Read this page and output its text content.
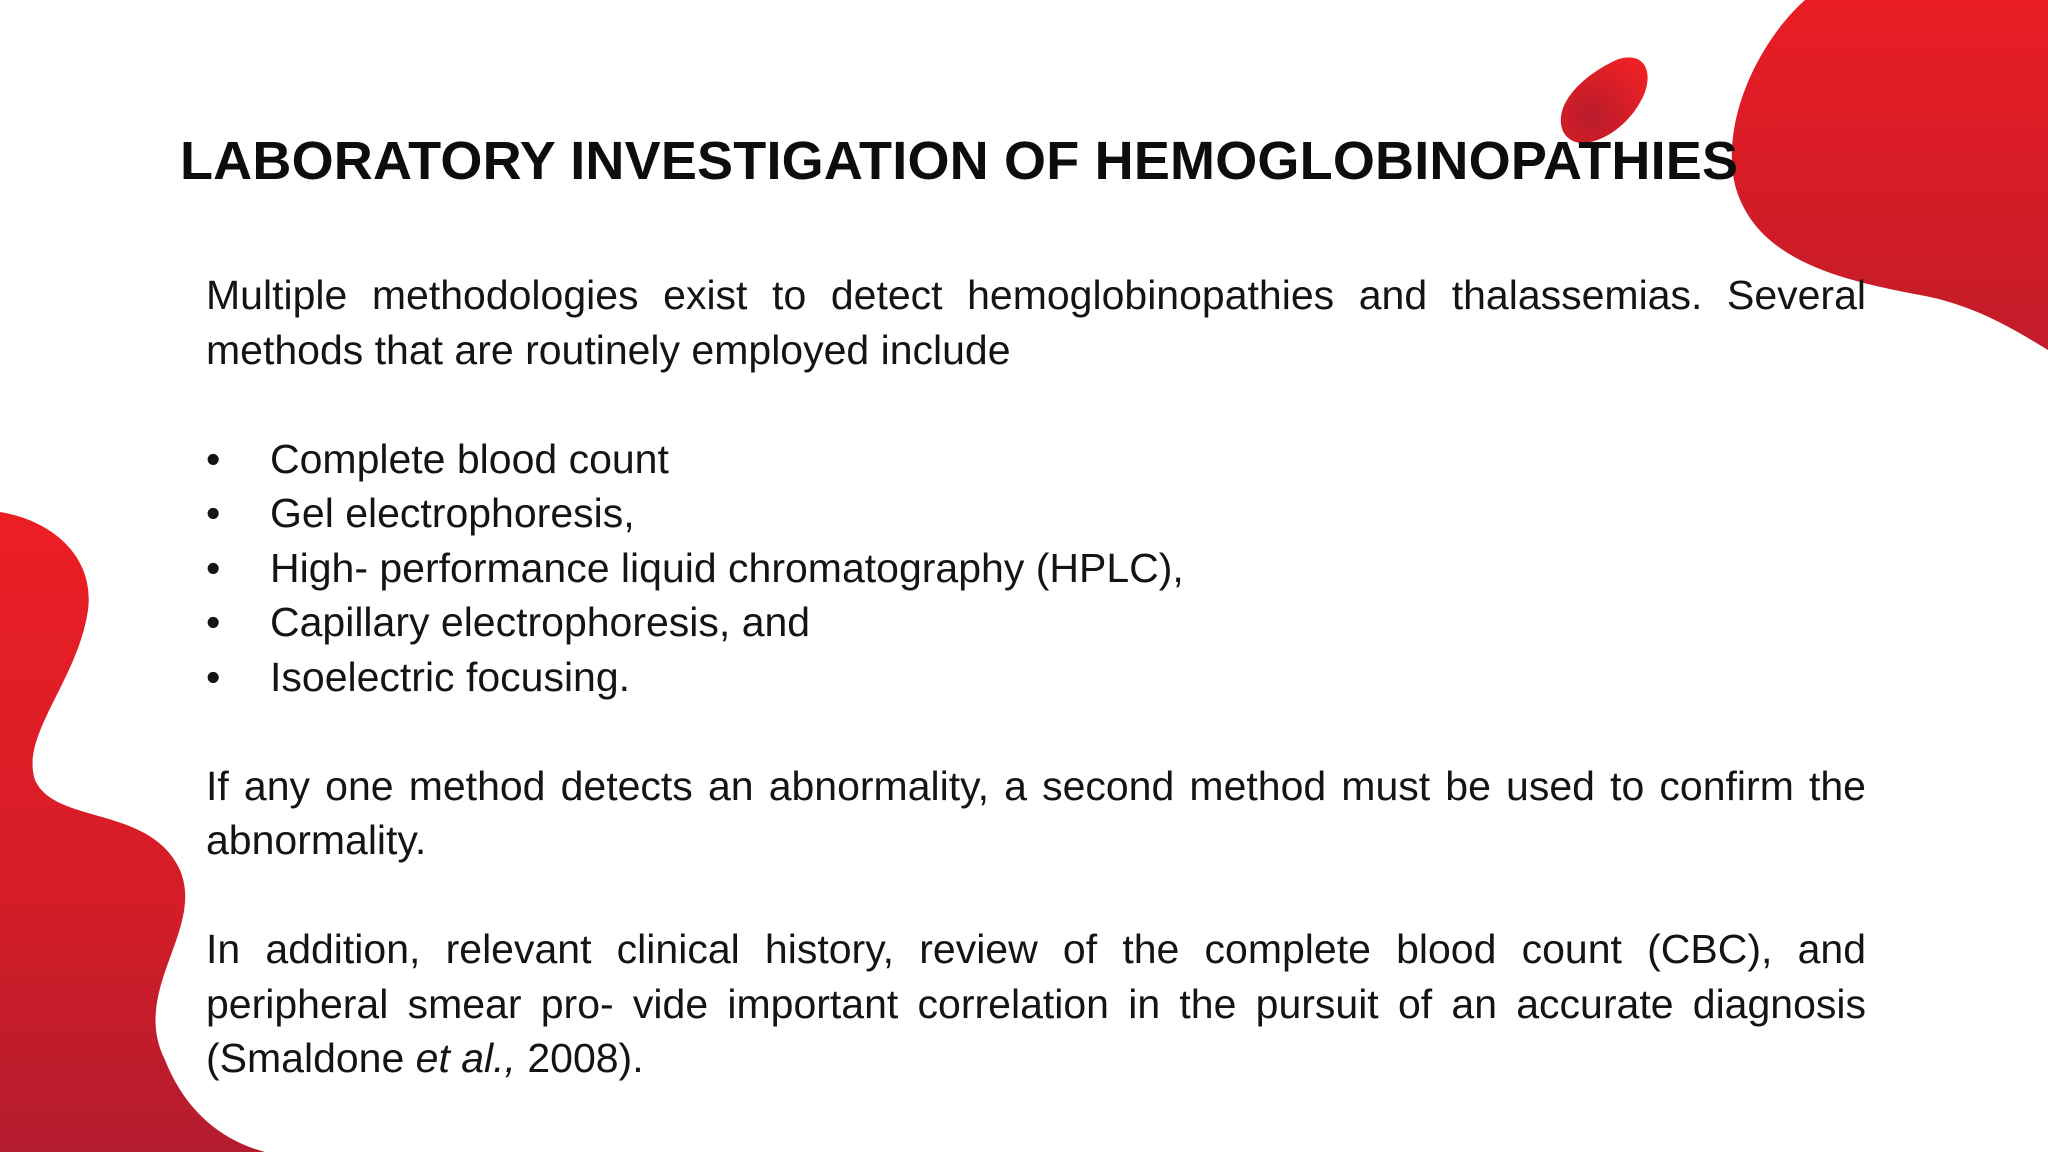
LABORATORY INVESTIGATION OF HEMOGLOBINOPATHIES

Multiple methodologies exist to detect hemoglobinopathies and thalassemias. Several methods that are routinely employed include

• Complete blood count
• Gel electrophoresis,
• High- performance liquid chromatography (HPLC),
• Capillary electrophoresis, and
• Isoelectric focusing.

If any one method detects an abnormality, a second method must be used to confirm the abnormality.

In addition, relevant clinical history, review of the complete blood count (CBC), and peripheral smear pro- vide important correlation in the pursuit of an accurate diagnosis (Smaldone et al., 2008).
